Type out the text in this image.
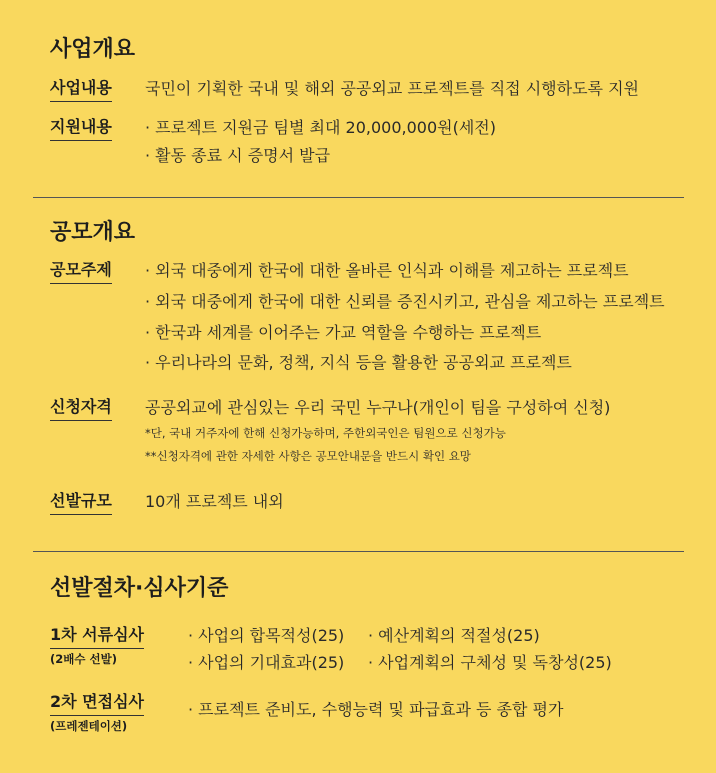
사업개요
사업내용 국민이 기획한 국내 및 해외 공공외교 프로젝트를 직접 시행하도록 지원
지원내용 · 프로젝트 지원금 팀별 최대 20,000,000원(세전)
· 활동 종료 시 증명서 발급
공모개요
공모주제 · 외국 대중에게 한국에 대한 올바른 인식과 이해를 제고하는 프로젝트
· 외국 대중에게 한국에 대한 신뢰를 증진시키고, 관심을 제고하는 프로젝트
· 한국과 세계를 이어주는 가교 역할을 수행하는 프로젝트
· 우리나라의 문화, 정책, 지식 등을 활용한 공공외교 프로젝트
신청자격 공공외교에 관심있는 우리 국민 누구나(개인이 팀을 구성하여 신청)
*단, 국내 거주자에 한해 신청가능하며, 주한외국인은 팀원으로 신청가능
**신청자격에 관한 자세한 사항은 공모안내문을 반드시 확인 요망
선발규모 10개 프로젝트 내외
선발절차·심사기준
1차 서류심사
(2배수 선발)
· 사업의 합목적성(25) · 예산계획의 적절성(25)
· 사업의 기대효과(25) · 사업계획의 구체성 및 독창성(25)
2차 면접심사
(프레젠테이션)
· 프로젝트 준비도, 수행능력 및 파급효과 등 종합 평가
